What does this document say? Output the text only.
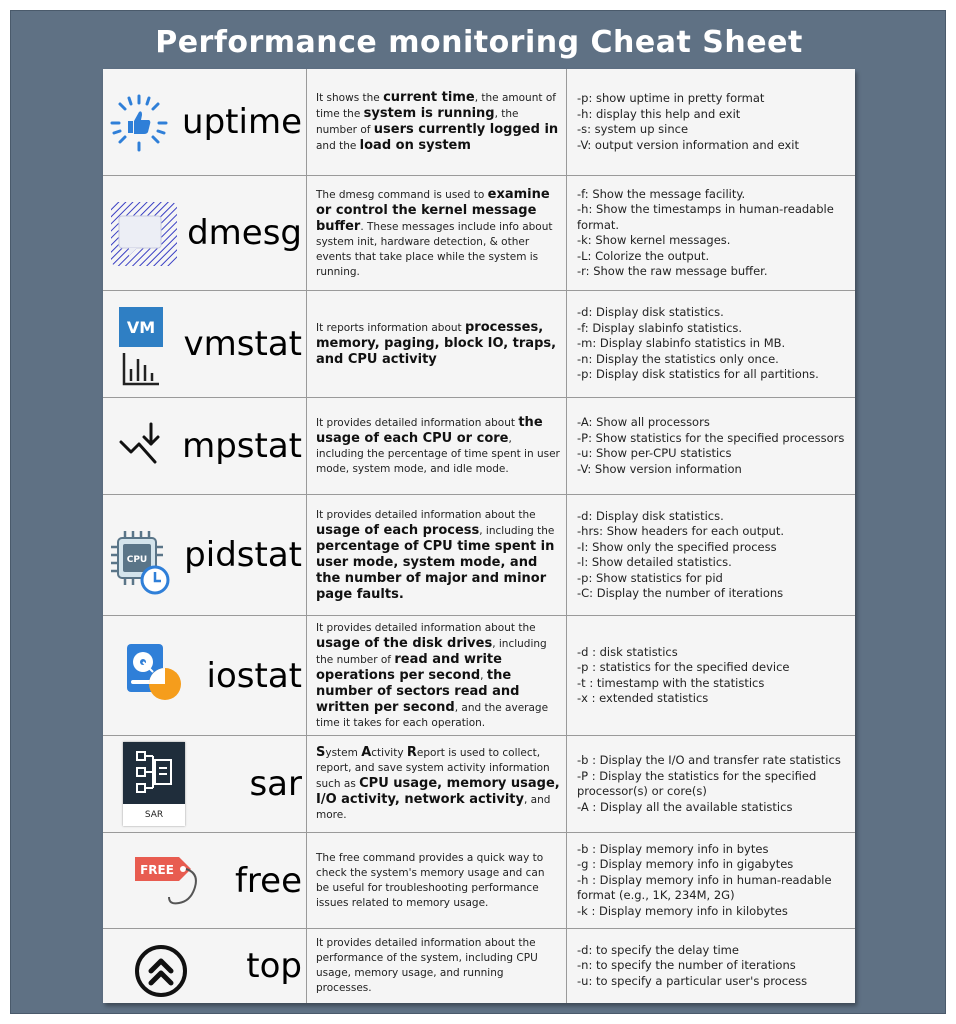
Performance monitoring Cheat Sheet
uptime
It shows the current time, the amount of time the system is running, the number of users currently logged in and the load on system
-p: show uptime in pretty format
-h: display this help and exit
-s: system up since
-V: output version information and exit
dmesg
The dmesg command is used to examine or control the kernel message buffer. These messages include info about system init, hardware detection, & other events that take place while the system is running.
-f: Show the message facility.
-h: Show the timestamps in human-readable format.
-k: Show kernel messages.
-L: Colorize the output.
-r: Show the raw message buffer.
VM vmstat It reports information about processes, memory, paging, block IO, traps, and CPU activity
-d: Display disk statistics.
-f: Display slabinfo statistics.
-m: Display slabinfo statistics in MB.
-n: Display the statistics only once.
-p: Display disk statistics for all partitions.
mpstat
It provides detailed information about the usage of each CPU or core, including the percentage of time spent in user mode, system mode, and idle mode.
-A: Show all processors
-P: Show statistics for the specified processors
-u: Show per-CPU statistics
-V: Show version information
CPU pidstat
It provides detailed information about the usage of each process, including the percentage of CPU time spent in user mode, system mode, and the number of major and minor page faults.
-d: Display disk statistics.
-hrs: Show headers for each output.
-I: Show only the specified process
-l: Show detailed statistics.
-p: Show statistics for pid
-C: Display the number of iterations
iostat
It provides detailed information about the usage of the disk drives, including the number of read and write operations per second, the number of sectors read and written per second, and the average time it takes for each operation.
-d : disk statistics
-p : statistics for the specified device
-t : timestamp with the statistics
-x : extended statistics
SAR
sar
System Activity Report is used to collect, report, and save system activity information such as CPU usage, memory usage, I/O activity, network activity, and more.
-b : Display the I/O and transfer rate statistics
-P : Display the statistics for the specified processor(s) or core(s)
-A : Display all the available statistics
FREE free
The free command provides a quick way to check the system's memory usage and can be useful for troubleshooting performance issues related to memory usage.
-b : Display memory info in bytes
-g : Display memory info in gigabytes
-h : Display memory info in human-readable format (e.g., 1K, 234M, 2G)
-k : Display memory info in kilobytes
top
It provides detailed information about the performance of the system, including CPU usage, memory usage, and running processes.
-d: to specify the delay time
-n: to specify the number of iterations
-u: to specify a particular user's process
